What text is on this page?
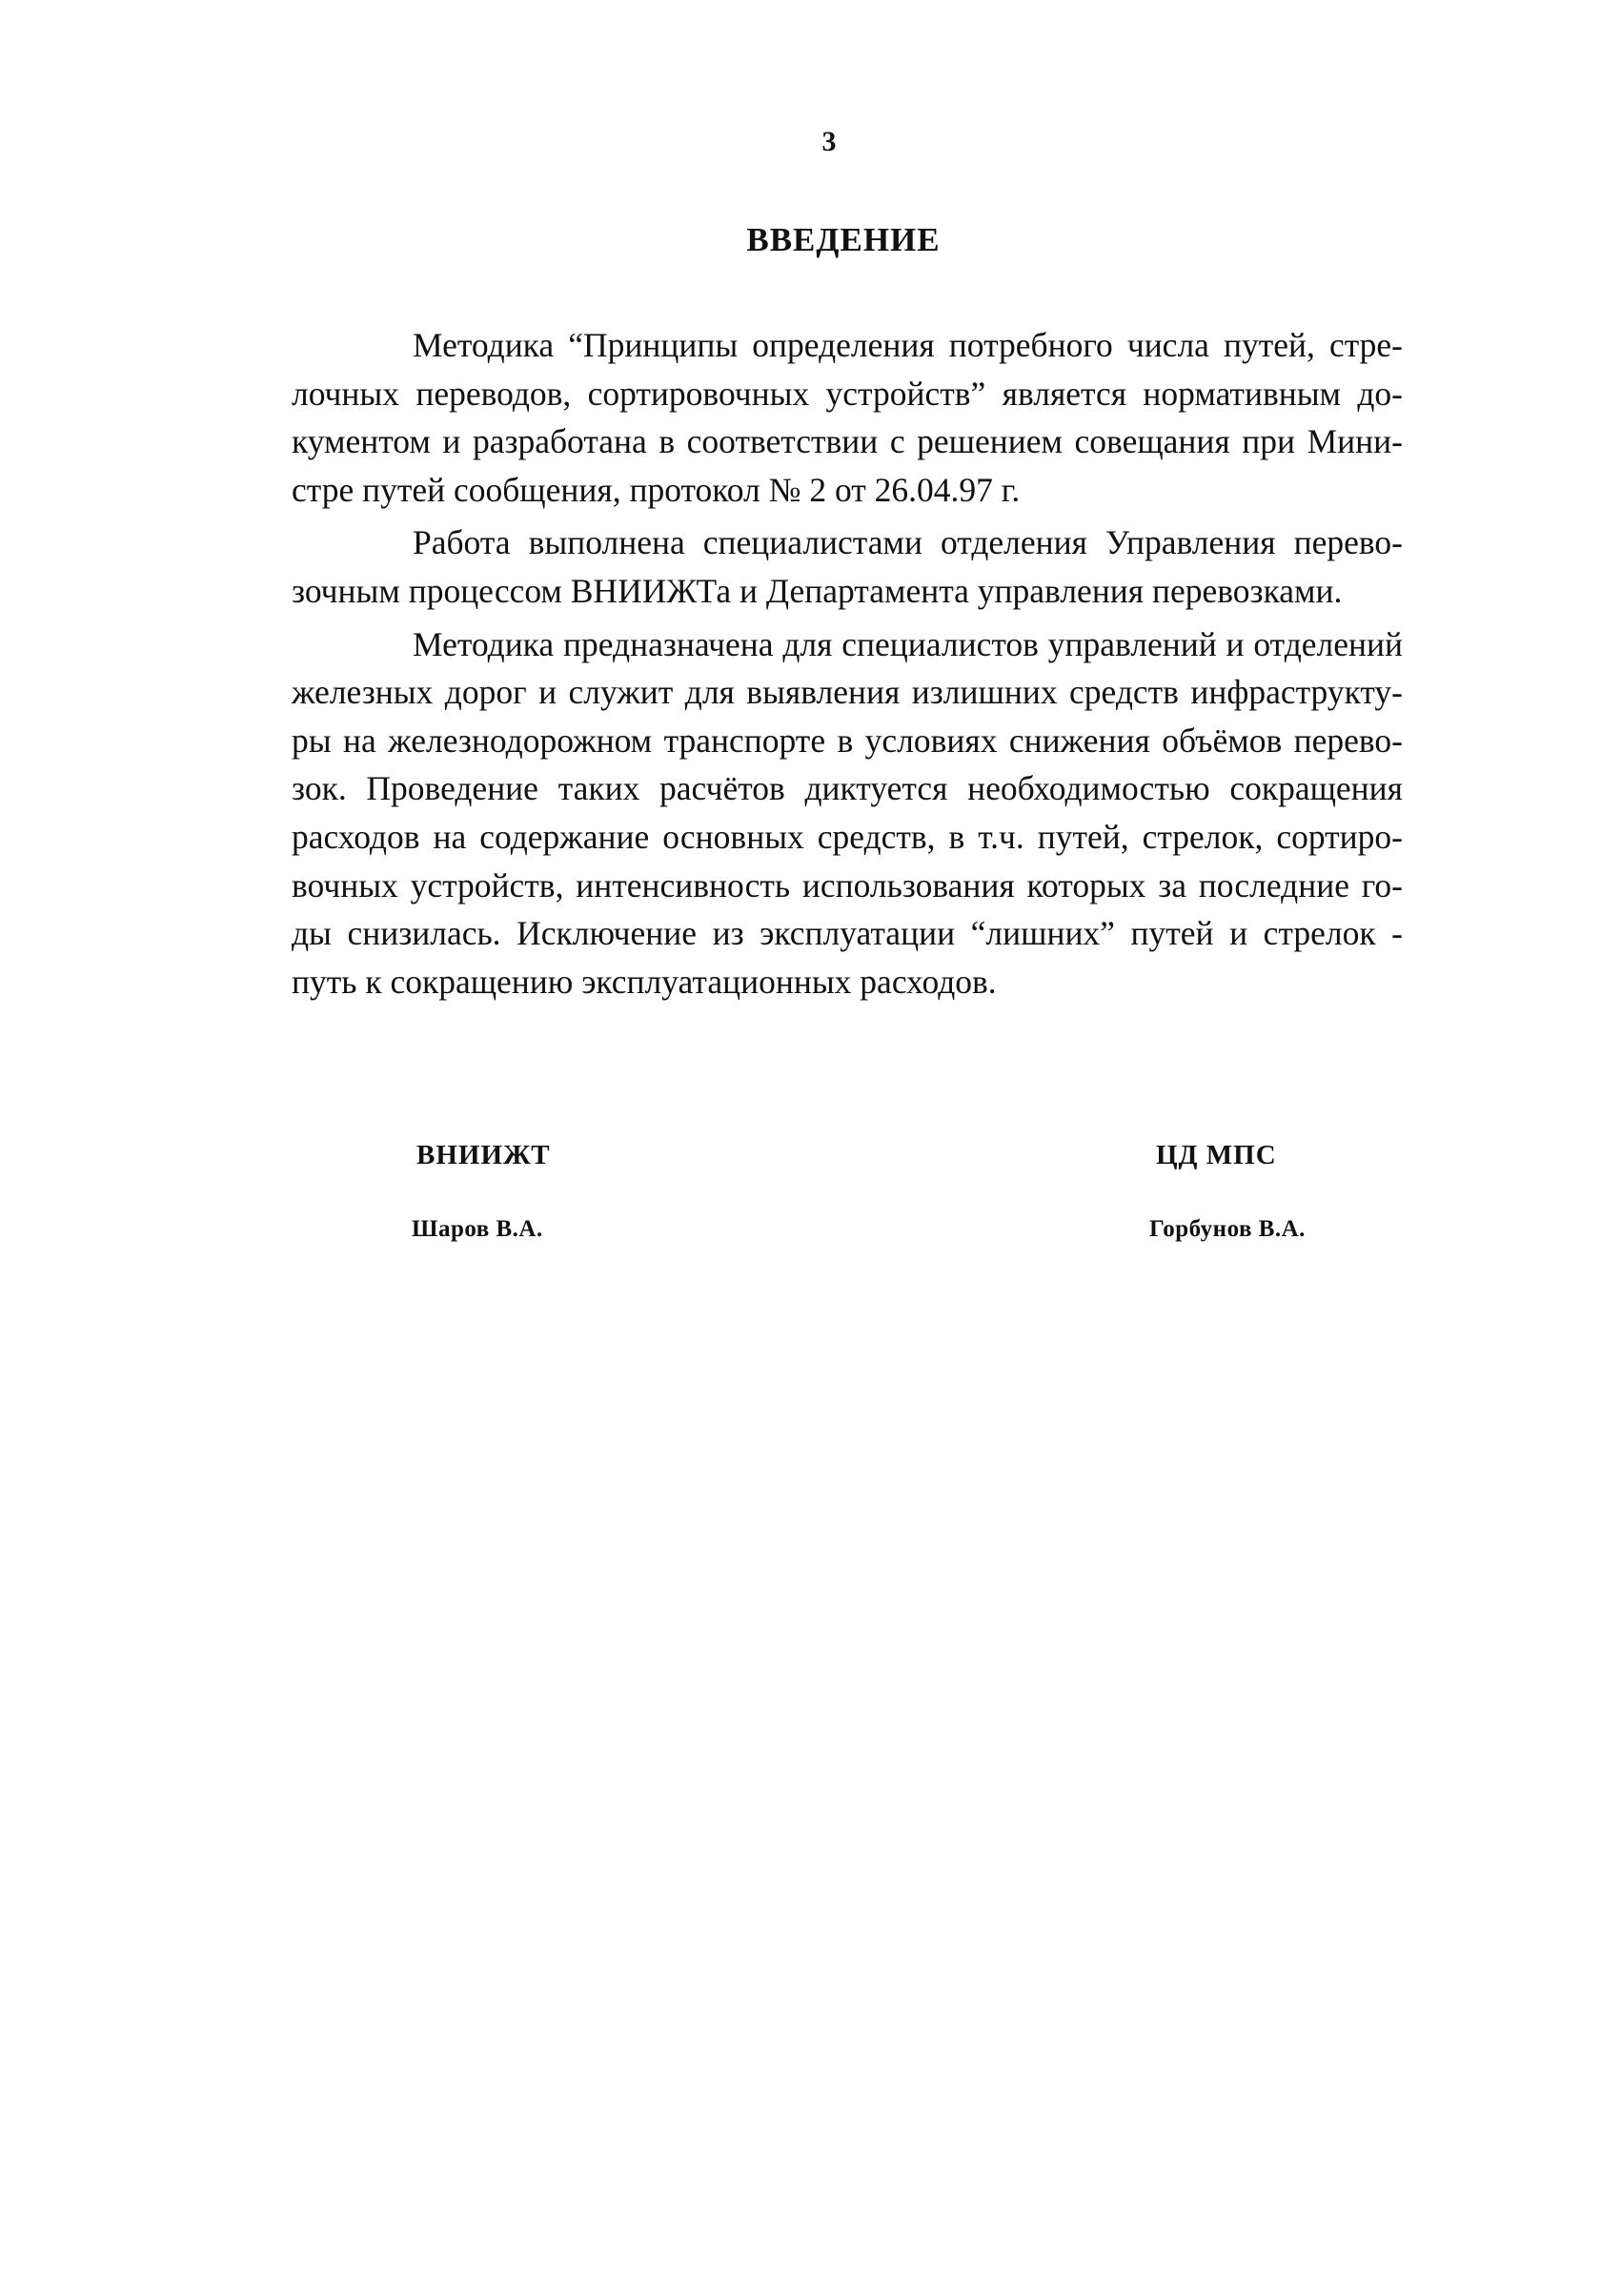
3
ВВЕДЕНИЕ

Методика “Принципы определения потребного числа путей, стре-
лочных переводов, сортировочных устройств” является нормативным до-
кументом и разработана в соответствии с решением совещания при Мини-
стре путей сообщения, протокол № 2 от 26.04.97 г.

Работа выполнена специалистами отделения Управления перево-
зочным процессом ВНИИЖТа и Департамента управления перевозками.

Методика предназначена для специалистов управлений и отделений
железных дорог и служит для выявления излишних средств инфраструкту-
ры на железнодорожном транспорте в условиях снижения объёмов перево-
зок. Проведение таких расчётов диктуется необходимостью сокращения
расходов на содержание основных средств, в т.ч. путей, стрелок, сортиро-
вочных устройств, интенсивность использования которых за последние го-
ды снизилась. Исключение из эксплуатации “лишних” путей и стрелок -
путь к сокращению эксплуатационных расходов.

ВНИИЖТ
Шаров В.А.
ЦД МПС
Горбунов В.А.
